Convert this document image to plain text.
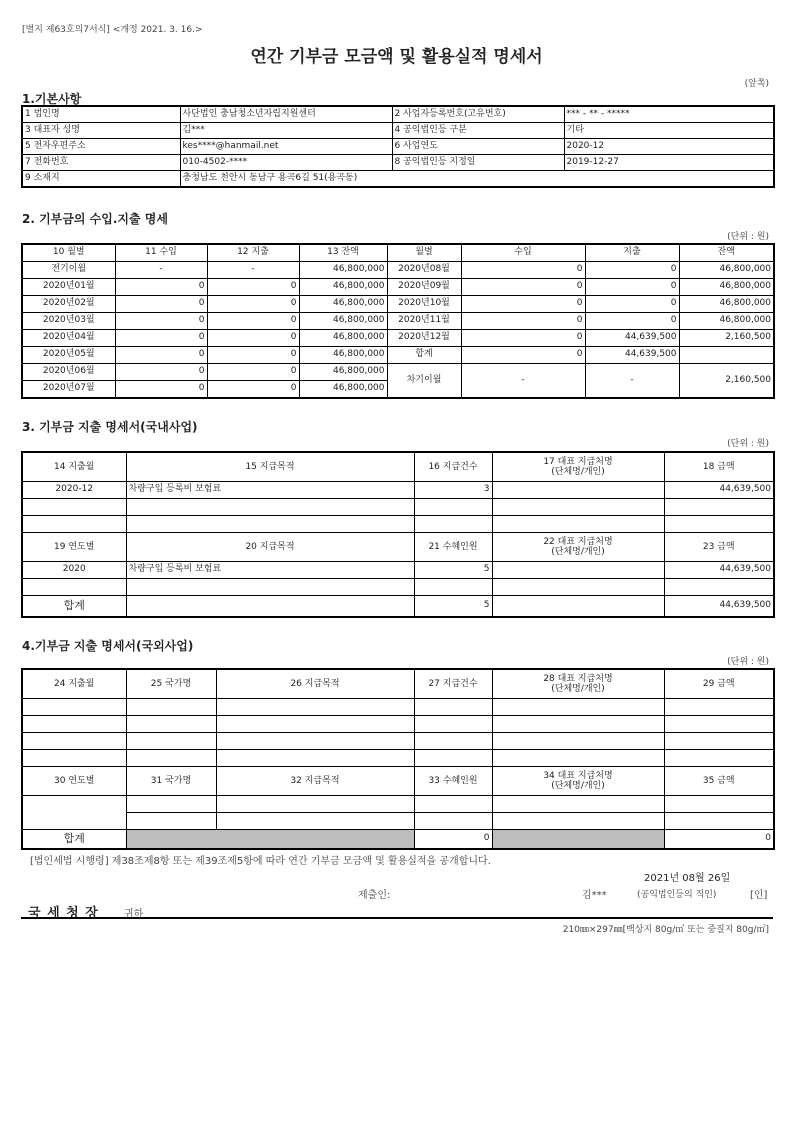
[별지 제63호의7서식] <개정 2021. 3. 16.>
연간 기부금 모금액 및 활용실적 명세서
(앞쪽)
1.기본사항
1 법인명	사단법인 충남청소년자립지원센터	2 사업자등록번호(고유번호)	*** - ** - *****
3 대표자 성명	김***	4 공익법인등 구분	기타
5 전자우편주소	kes****@hanmail.net	6 사업연도	2020-12
7 전화번호	010-4502-****	8 공익법인등 지정일	2019-12-27
9 소재지	충청남도 천안시 동남구 용곡6길 51(용곡동)		
2. 기부금의 수입.지출 명세
(단위 : 원)
10 월별	11 수입	12 지출	13 잔액	월별	수입	지출	잔액
전기이월	-	-	46,800,000	2020년08월	0	0	46,800,000
2020년01월	0	0	46,800,000	2020년09월	0	0	46,800,000
2020년02월	0	0	46,800,000	2020년10월	0	0	46,800,000
2020년03월	0	0	46,800,000	2020년11월	0	0	46,800,000
2020년04월	0	0	46,800,000	2020년12월	0	44,639,500	2,160,500
2020년05월	0	0	46,800,000	합계	0	44,639,500	
2020년06월	0	0	46,800,000	차기이월	-	-	2,160,500
2020년07월	0	0	46,800,000				
3. 기부금 지출 명세서(국내사업)
(단위 : 원)
14 지출월	15 지급목적	16 지급건수	17 대표 지급처명
(단체명/개인)	18 금액
2020-12	차량구입 등록비 보험료	3		44,639,500

19 연도별	20 지급목적	21 수혜인원	22 대표 지급처명
(단체명/개인)	23 금액
2020	차량구입 등록비 보험료	5		44,639,500

합계		5		44,639,500
4.기부금 지출 명세서(국외사업)
(단위 : 원)
24 지출월	25 국가명	26 지급목적	27 지급건수	28 대표 지급처명
(단체명/개인)	29 금액

30 연도별	31 국가명	32 지급목적	33 수혜인원	34 대표 지급처명
(단체명/개인)	35 금액

합계			0		0
[법인세법 시행령] 제38조제8항 또는 제39조제5항에 따라 연간 기부금 모금액 및 활용실적을 공개합니다.
2021년 08월 26일
제출인:	김***	(공익법인등의 직인)	[인]
국 세 청 장	귀하
210㎜×297㎜[백상지 80g/㎡ 또는 중질지 80g/㎡]
